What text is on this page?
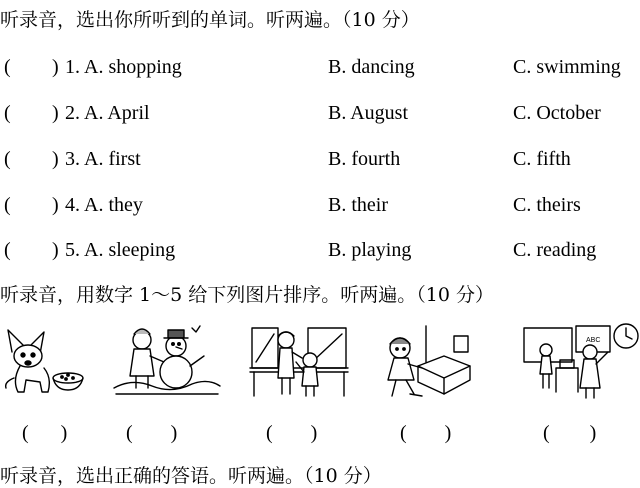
听录音，选出你所听到的单词。听两遍。（10 分）
( ) 1. A. shopping	B. dancing	C. swimming
( ) 2. A. April	B. August	C. October
( ) 3. A. first	B. fourth	C. fifth
( ) 4. A. they	B. their	C. theirs
( ) 5. A. sleeping	B. playing	C. reading
听录音，用数字 1～5 给下列图片排序。听两遍。（10 分）
ABC
( )	( )	( )	( )	( )
听录音，选出正确的答语。听两遍。（10 分）
